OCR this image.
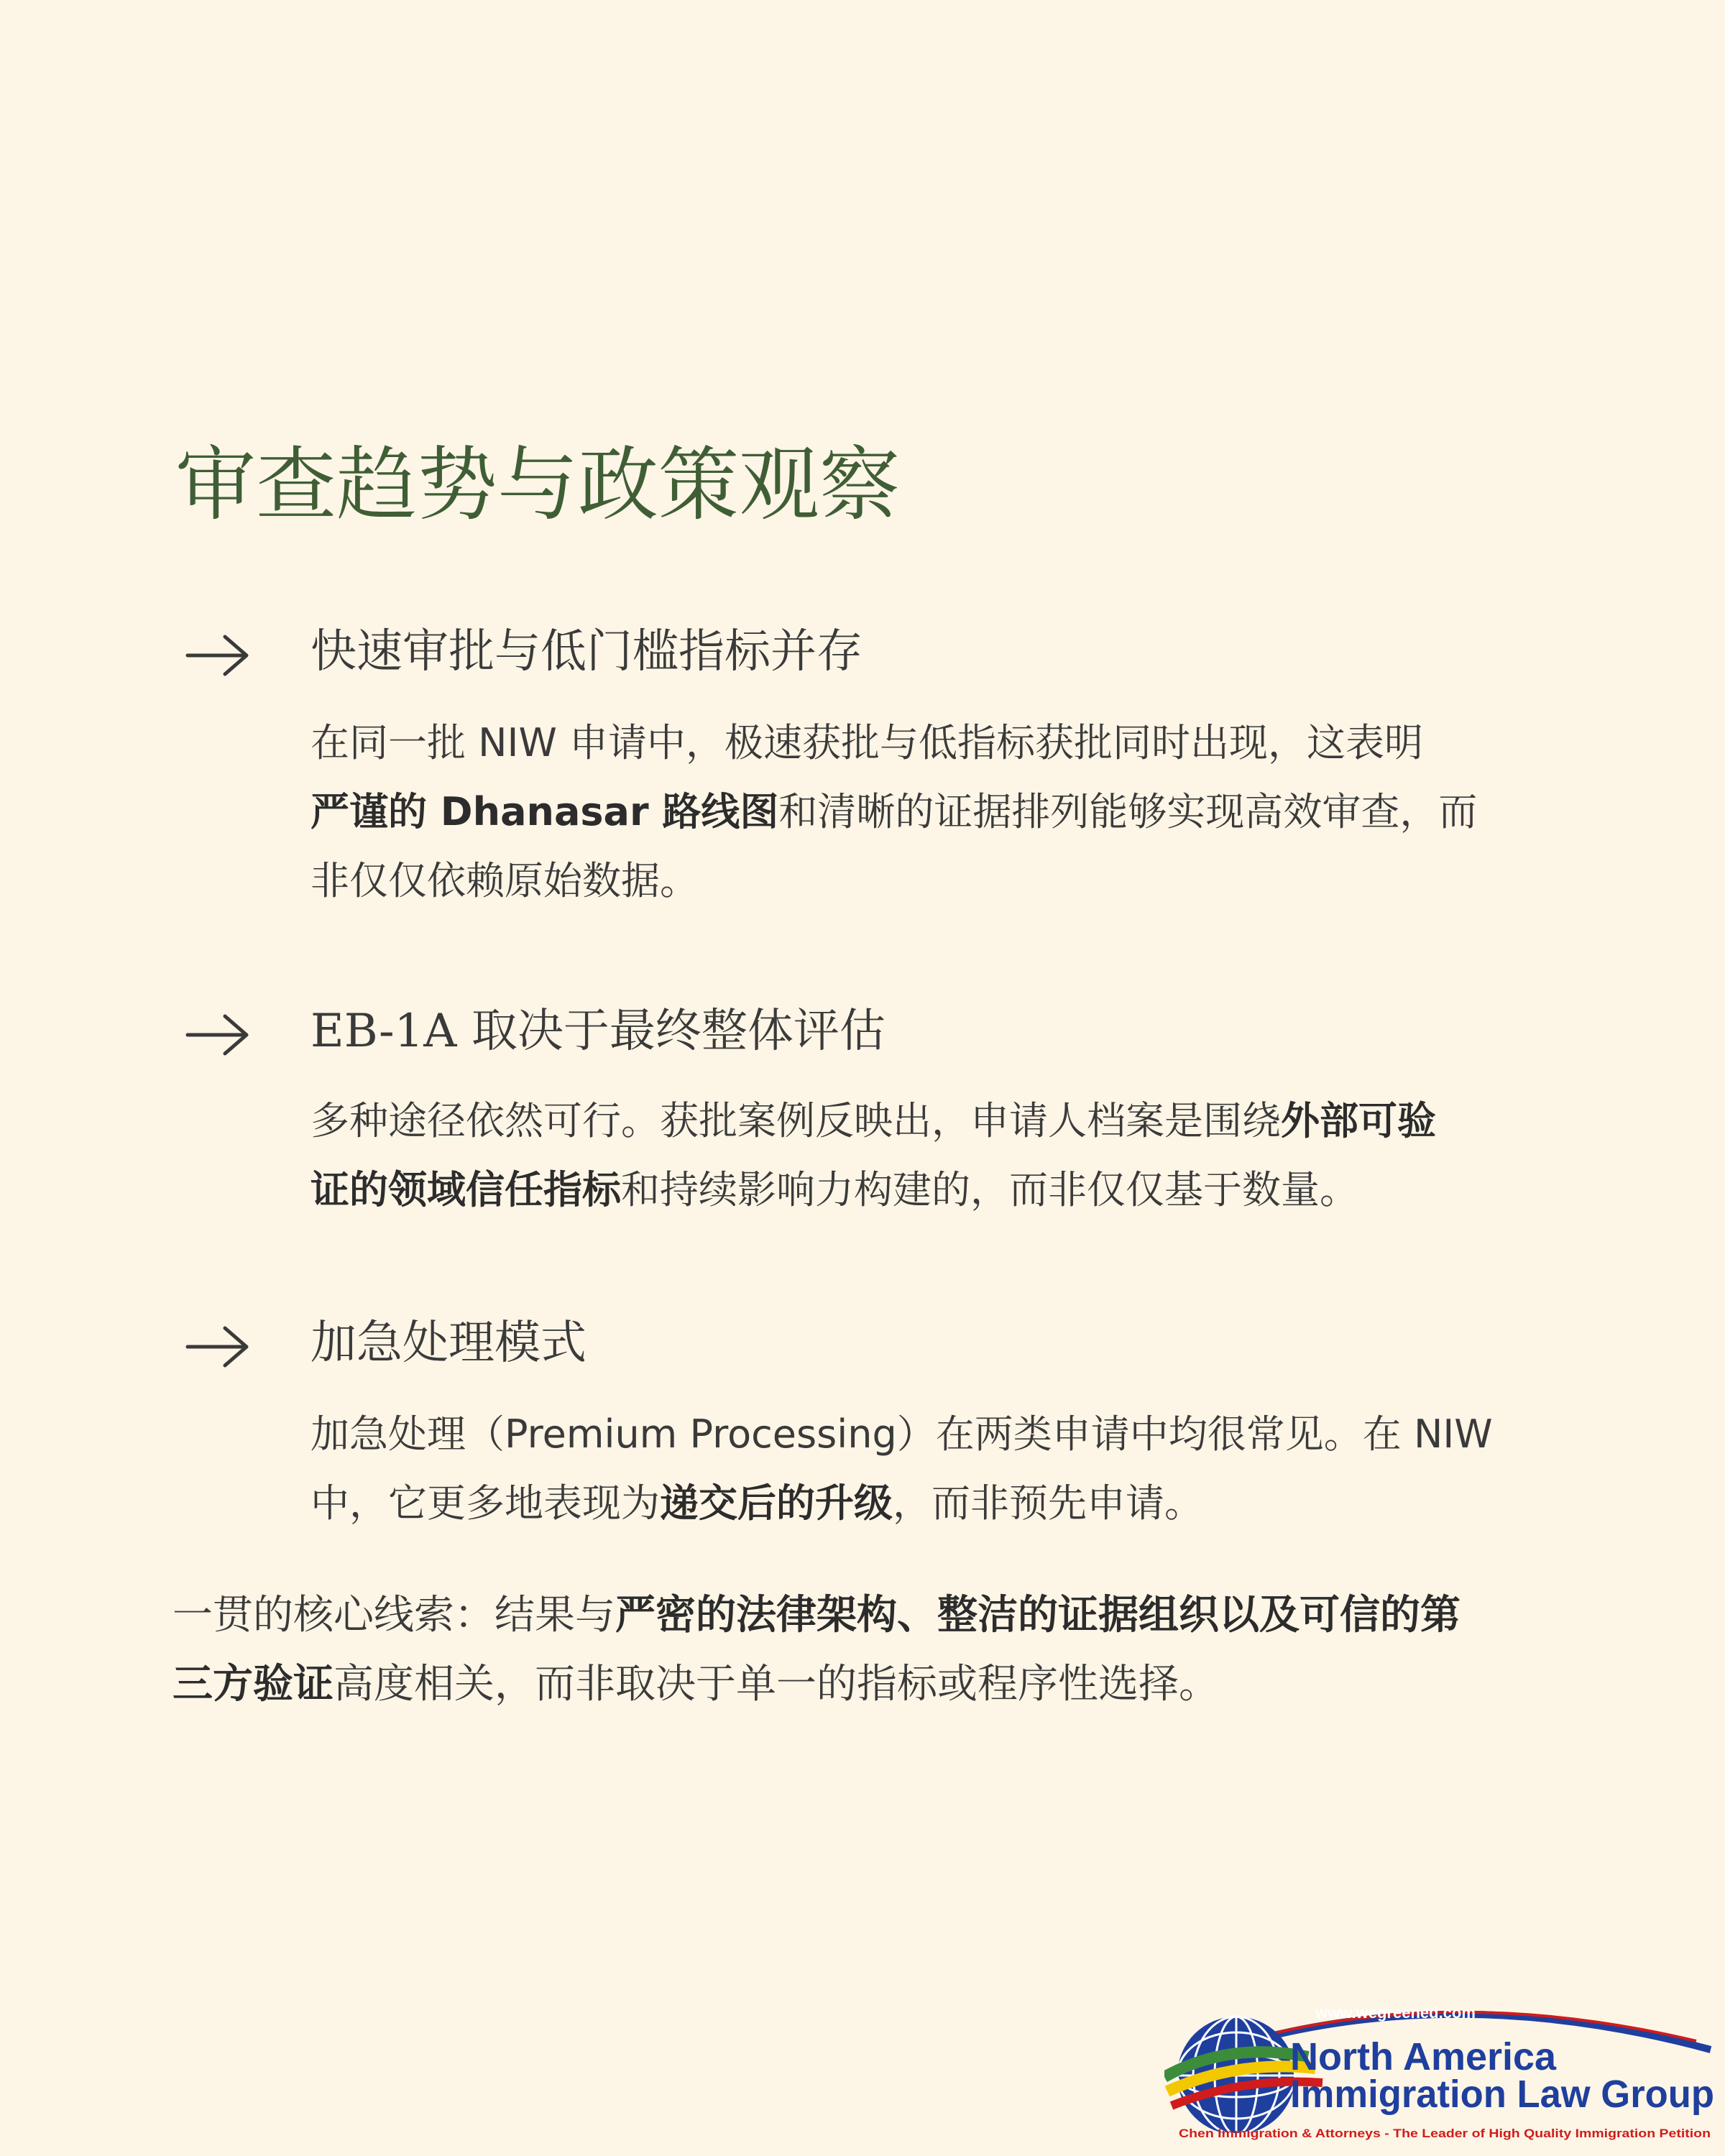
审查趋势与政策观察
快速审批与低门槛指标并存
在同一批 NIW 申请中，极速获批与低指标获批同时出现，这表明
严谨的 Dhanasar 路线图和清晰的证据排列能够实现高效审查，而
非仅仅依赖原始数据。
EB-1A 取决于最终整体评估
多种途径依然可行。获批案例反映出，申请人档案是围绕外部可验
证的领域信任指标和持续影响力构建的，而非仅仅基于数量。
加急处理模式
加急处理（Premium Processing）在两类申请中均很常见。在 NIW
中，它更多地表现为递交后的升级，而非预先申请。
一贯的核心线索：结果与严密的法律架构、整洁的证据组织以及可信的第
三方验证高度相关，而非取决于单一的指标或程序性选择。
www.wegreened.com
North America
Immigration Law Group
Chen Immigration & Attorneys - The Leader of High Quality Immigration Petition
